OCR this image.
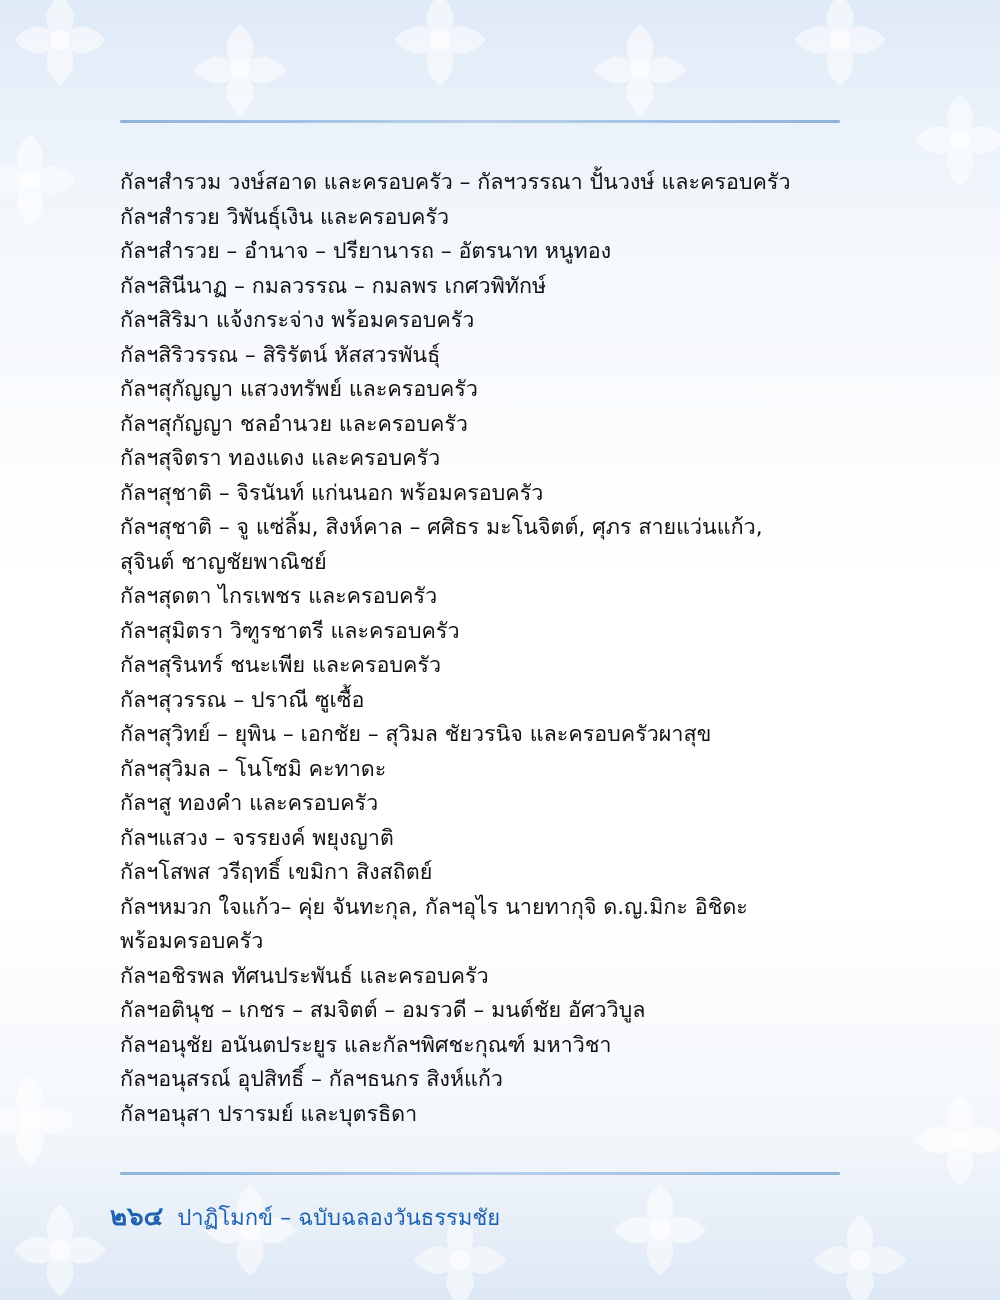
กัลฯสำรวม วงษ์สอาด และครอบครัว – กัลฯวรรณา ปั้นวงษ์ และครอบครัว
กัลฯสำรวย วิพันธุ์เงิน และครอบครัว
กัลฯสำรวย – อำนาจ – ปรียานารถ – อัตรนาท หนูทอง
กัลฯสินีนาฏ – กมลวรรณ – กมลพร เกศวพิทักษ์
กัลฯสิริมา แจ้งกระจ่าง พร้อมครอบครัว
กัลฯสิริวรรณ – สิริรัตน์ หัสสวรพันธุ์
กัลฯสุกัญญา แสวงทรัพย์ และครอบครัว
กัลฯสุกัญญา ชลอำนวย และครอบครัว
กัลฯสุจิตรา ทองแดง และครอบครัว
กัลฯสุชาติ – จิรนันท์ แก่นนอก พร้อมครอบครัว
กัลฯสุชาติ – จู แซ่ลิ้ม, สิงห์คาล – ศศิธร มะโนจิตต์, ศุภร สายแว่นแก้ว,
สุจินต์ ชาญชัยพาณิชย์
กัลฯสุดตา ไกรเพชร และครอบครัว
กัลฯสุมิตรา วิฑูรชาตรี และครอบครัว
กัลฯสุรินทร์ ชนะเพีย และครอบครัว
กัลฯสุวรรณ – ปราณี ซูเซื้อ
กัลฯสุวิทย์ – ยุพิน – เอกชัย – สุวิมล ชัยวรนิจ และครอบครัวผาสุข
กัลฯสุวิมล – โนโซมิ คะทาดะ
กัลฯสู ทองคำ และครอบครัว
กัลฯแสวง – จรรยงค์ พยุงญาติ
กัลฯโสพส วรีฤทธิ์ เขมิกา สิงสถิตย์
กัลฯหมวก ใจแก้ว– คุ่ย จันทะกุล, กัลฯอุไร นายทากุจิ ด.ญ.มิกะ อิชิดะ
พร้อมครอบครัว
กัลฯอชิรพล ทัศนประพันธ์ และครอบครัว
กัลฯอตินุช – เกชร – สมจิตต์ – อมรวดี – มนต์ชัย อัศววิบูล
กัลฯอนุชัย อนันตประยูร และกัลฯพิศชะกุณฑ์ มหาวิชา
กัลฯอนุสรณ์ อุปสิทธิ์ – กัลฯธนกร สิงห์แก้ว
กัลฯอนุสา ปรารมย์ และบุตรธิดา
๒๖๔ ปาฏิโมกข์ – ฉบับฉลองวันธรรมชัย
